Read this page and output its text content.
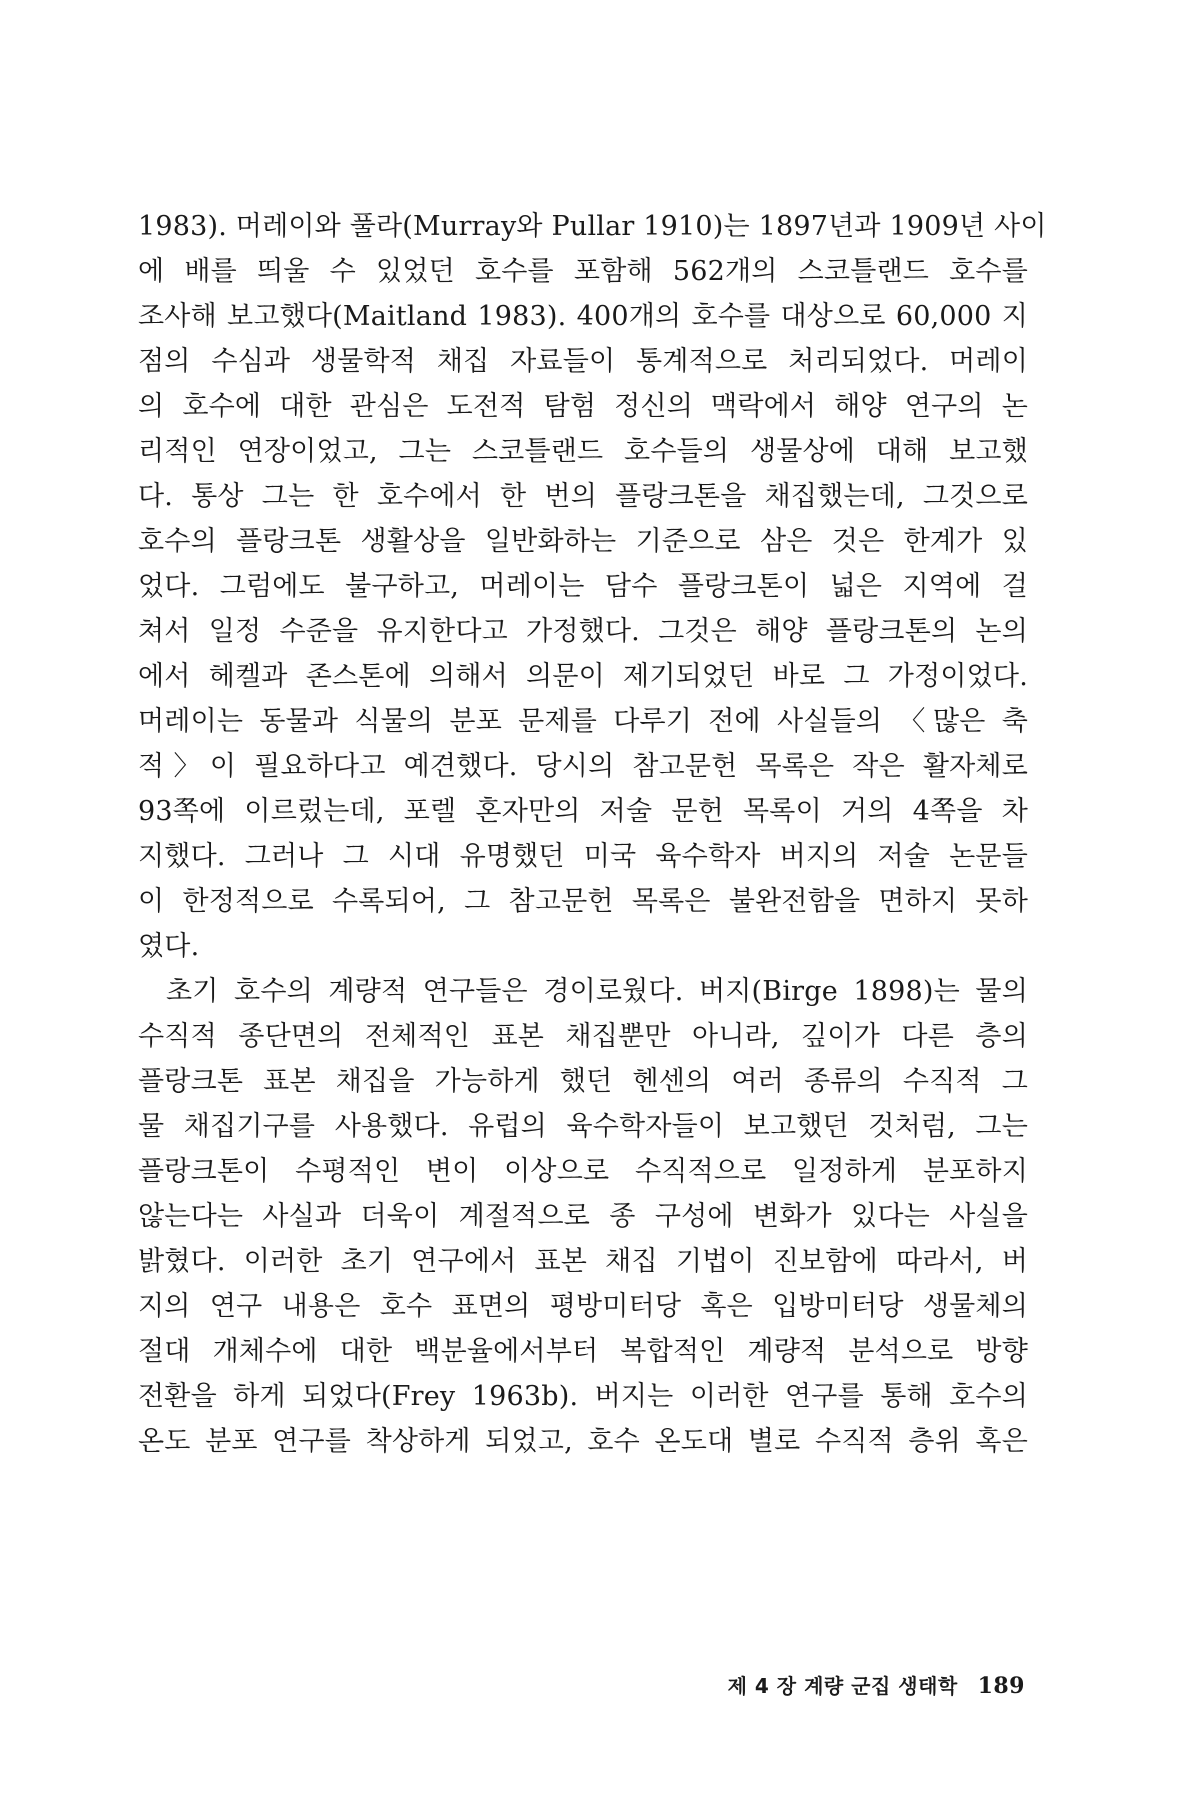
1983). 머레이와 풀라(Murray와 Pullar 1910)는 1897년과 1909년 사이
에 배를 띄울 수 있었던 호수를 포함해 562개의 스코틀랜드 호수를
조사해 보고했다(Maitland 1983). 400개의 호수를 대상으로 60,000 지
점의 수심과 생물학적 채집 자료들이 통계적으로 처리되었다. 머레이
의 호수에 대한 관심은 도전적 탐험 정신의 맥락에서 해양 연구의 논
리적인 연장이었고, 그는 스코틀랜드 호수들의 생물상에 대해 보고했
다. 통상 그는 한 호수에서 한 번의 플랑크톤을 채집했는데, 그것으로
호수의 플랑크톤 생활상을 일반화하는 기준으로 삼은 것은 한계가 있
었다. 그럼에도 불구하고, 머레이는 담수 플랑크톤이 넓은 지역에 걸
쳐서 일정 수준을 유지한다고 가정했다. 그것은 해양 플랑크톤의 논의
에서 헤켈과 존스톤에 의해서 의문이 제기되었던 바로 그 가정이었다.
머레이는 동물과 식물의 분포 문제를 다루기 전에 사실들의 〈많은 축
적〉이 필요하다고 예견했다. 당시의 참고문헌 목록은 작은 활자체로
93쪽에 이르렀는데, 포렐 혼자만의 저술 문헌 목록이 거의 4쪽을 차
지했다. 그러나 그 시대 유명했던 미국 육수학자 버지의 저술 논문들
이 한정적으로 수록되어, 그 참고문헌 목록은 불완전함을 면하지 못하
였다.
초기 호수의 계량적 연구들은 경이로웠다. 버지(Birge 1898)는 물의
수직적 종단면의 전체적인 표본 채집뿐만 아니라, 깊이가 다른 층의
플랑크톤 표본 채집을 가능하게 했던 헨센의 여러 종류의 수직적 그
물 채집기구를 사용했다. 유럽의 육수학자들이 보고했던 것처럼, 그는
플랑크톤이 수평적인 변이 이상으로 수직적으로 일정하게 분포하지
않는다는 사실과 더욱이 계절적으로 종 구성에 변화가 있다는 사실을
밝혔다. 이러한 초기 연구에서 표본 채집 기법이 진보함에 따라서, 버
지의 연구 내용은 호수 표면의 평방미터당 혹은 입방미터당 생물체의
절대 개체수에 대한 백분율에서부터 복합적인 계량적 분석으로 방향
전환을 하게 되었다(Frey 1963b). 버지는 이러한 연구를 통해 호수의
온도 분포 연구를 착상하게 되었고, 호수 온도대 별로 수직적 층위 혹은
제 4 장 계량 군집 생태학 189
